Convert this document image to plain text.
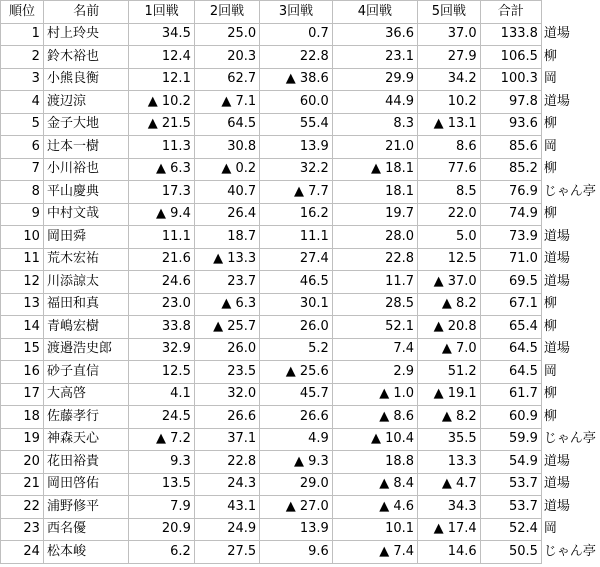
順位	名前	1回戦	2回戦	3回戦	4回戦	5回戦	合計	
1	村上玲央	34.5	25.0	0.7	36.6	37.0	133.8	道場
2	鈴木裕也	12.4	20.3	22.8	23.1	27.9	106.5	柳
3	小熊良衡	12.1	62.7	▲ 38.6	29.9	34.2	100.3	岡
4	渡辺涼	▲ 10.2	▲ 7.1	60.0	44.9	10.2	97.8	道場
5	金子大地	▲ 21.5	64.5	55.4	8.3	▲ 13.1	93.6	柳
6	辻本一樹	11.3	30.8	13.9	21.0	8.6	85.6	岡
7	小川裕也	▲ 6.3	▲ 0.2	32.2	▲ 18.1	77.6	85.2	柳
8	平山慶典	17.3	40.7	▲ 7.7	18.1	8.5	76.9	じゃん亭
9	中村文哉	▲ 9.4	26.4	16.2	19.7	22.0	74.9	柳
10	岡田舜	11.1	18.7	11.1	28.0	5.0	73.9	道場
11	荒木宏祐	21.6	▲ 13.3	27.4	22.8	12.5	71.0	道場
12	川添諒太	24.6	23.7	46.5	11.7	▲ 37.0	69.5	道場
13	福田和真	23.0	▲ 6.3	30.1	28.5	▲ 8.2	67.1	柳
14	青嶋宏樹	33.8	▲ 25.7	26.0	52.1	▲ 20.8	65.4	柳
15	渡邉浩史郎	32.9	26.0	5.2	7.4	▲ 7.0	64.5	道場
16	砂子直信	12.5	23.5	▲ 25.6	2.9	51.2	64.5	岡
17	大高啓	4.1	32.0	45.7	▲ 1.0	▲ 19.1	61.7	柳
18	佐藤孝行	24.5	26.6	26.6	▲ 8.6	▲ 8.2	60.9	柳
19	神森天心	▲ 7.2	37.1	4.9	▲ 10.4	35.5	59.9	じゃん亭
20	花田裕貴	9.3	22.8	▲ 9.3	18.8	13.3	54.9	道場
21	岡田啓佑	13.5	24.3	29.0	▲ 8.4	▲ 4.7	53.7	道場
22	浦野修平	7.9	43.1	▲ 27.0	▲ 4.6	34.3	53.7	道場
23	西名優	20.9	24.9	13.9	10.1	▲ 17.4	52.4	岡
24	松本峻	6.2	27.5	9.6	▲ 7.4	14.6	50.5	じゃん亭
